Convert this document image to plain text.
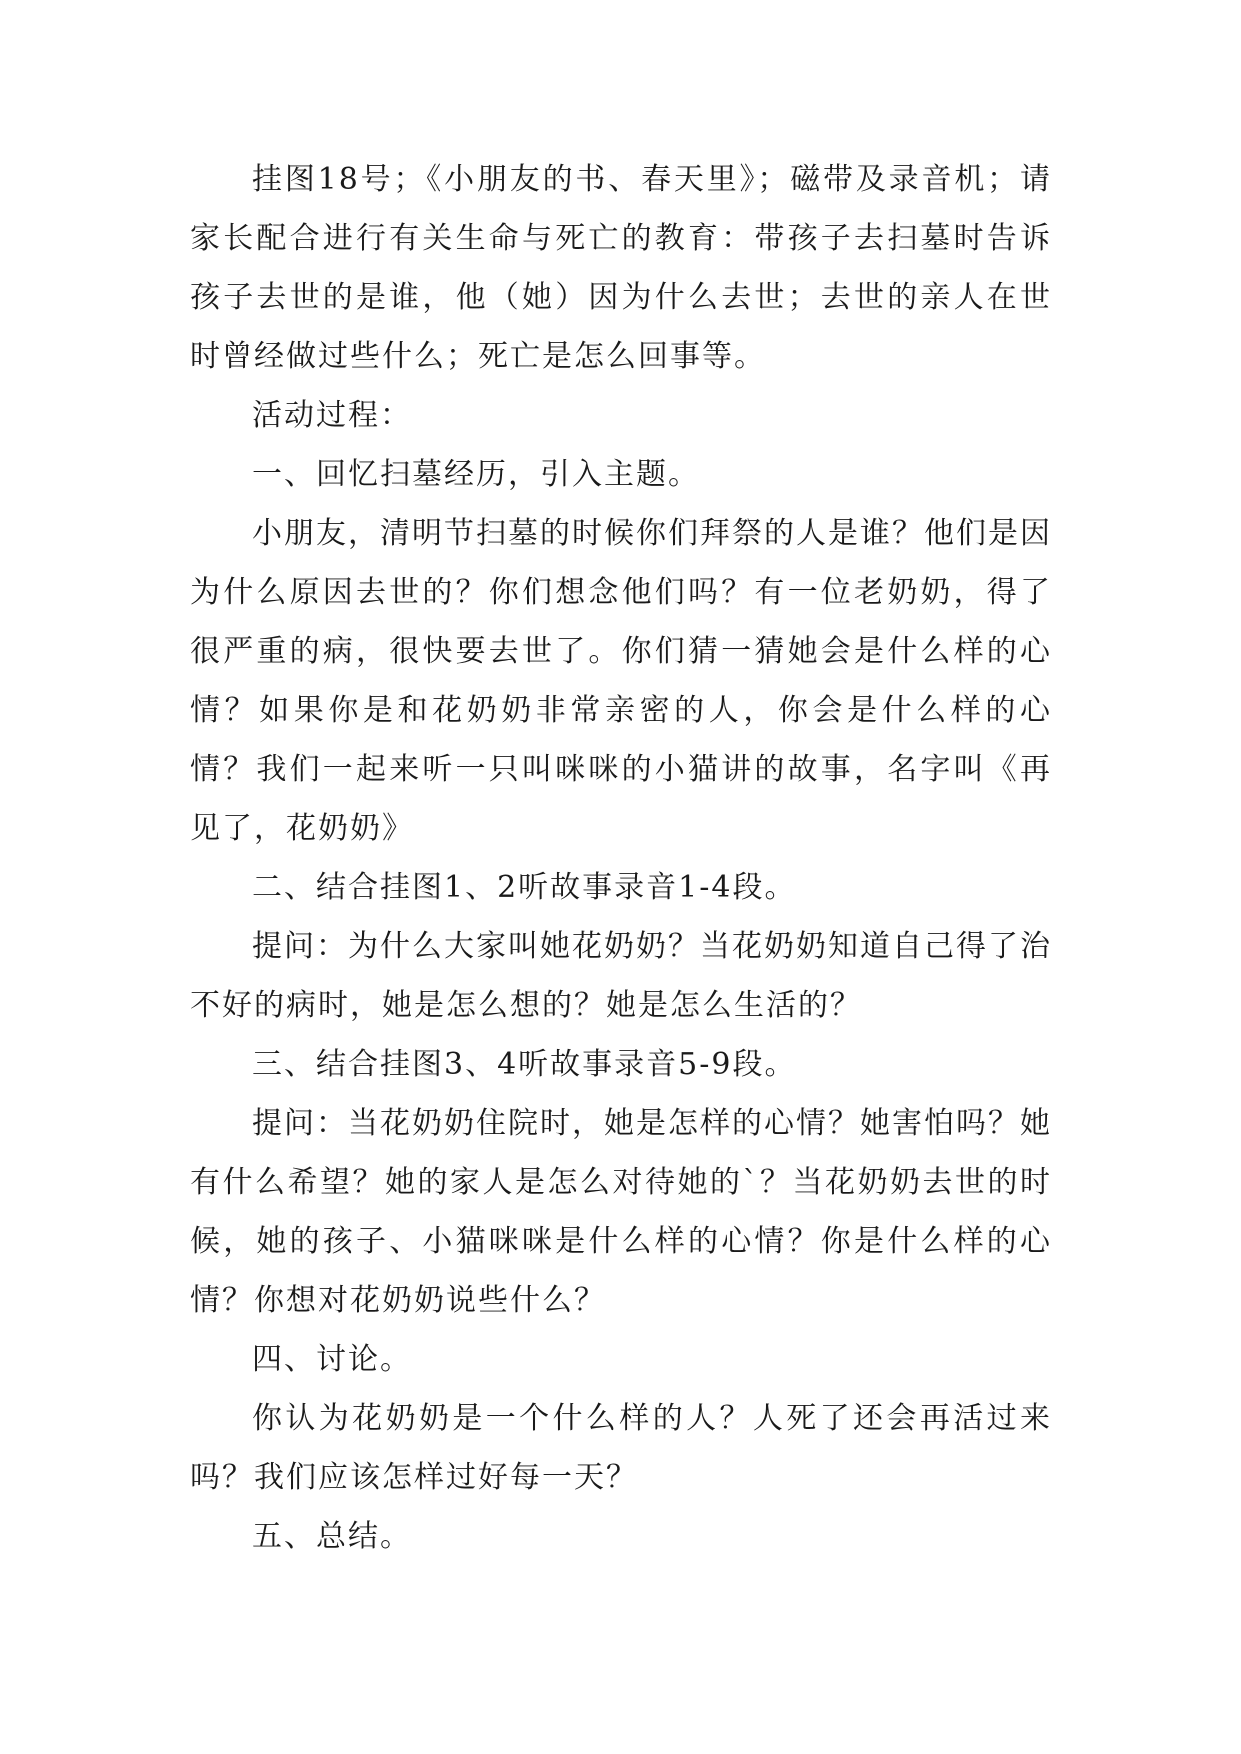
挂图18号；《小朋友的书、春天里》；磁带及录音机；请家长配合进行有关生命与死亡的教育：带孩子去扫墓时告诉孩子去世的是谁，他（她）因为什么去世；去世的亲人在世时曾经做过些什么；死亡是怎么回事等。

活动过程：

一、回忆扫墓经历，引入主题。

小朋友，清明节扫墓的时候你们拜祭的人是谁？他们是因为什么原因去世的？你们想念他们吗？有一位老奶奶，得了很严重的病，很快要去世了。你们猜一猜她会是什么样的心情？如果你是和花奶奶非常亲密的人，你会是什么样的心情？我们一起来听一只叫咪咪的小猫讲的故事，名字叫《再见了，花奶奶》

二、结合挂图1、2听故事录音1-4段。

提问：为什么大家叫她花奶奶？当花奶奶知道自己得了治不好的病时，她是怎么想的？她是怎么生活的？

三、结合挂图3、4听故事录音5-9段。

提问：当花奶奶住院时，她是怎样的心情？她害怕吗？她有什么希望？她的家人是怎么对待她的`？当花奶奶去世的时候，她的孩子、小猫咪咪是什么样的心情？你是什么样的心情？你想对花奶奶说些什么？

四、讨论。

你认为花奶奶是一个什么样的人？人死了还会再活过来吗？我们应该怎样过好每一天？

五、总结。
